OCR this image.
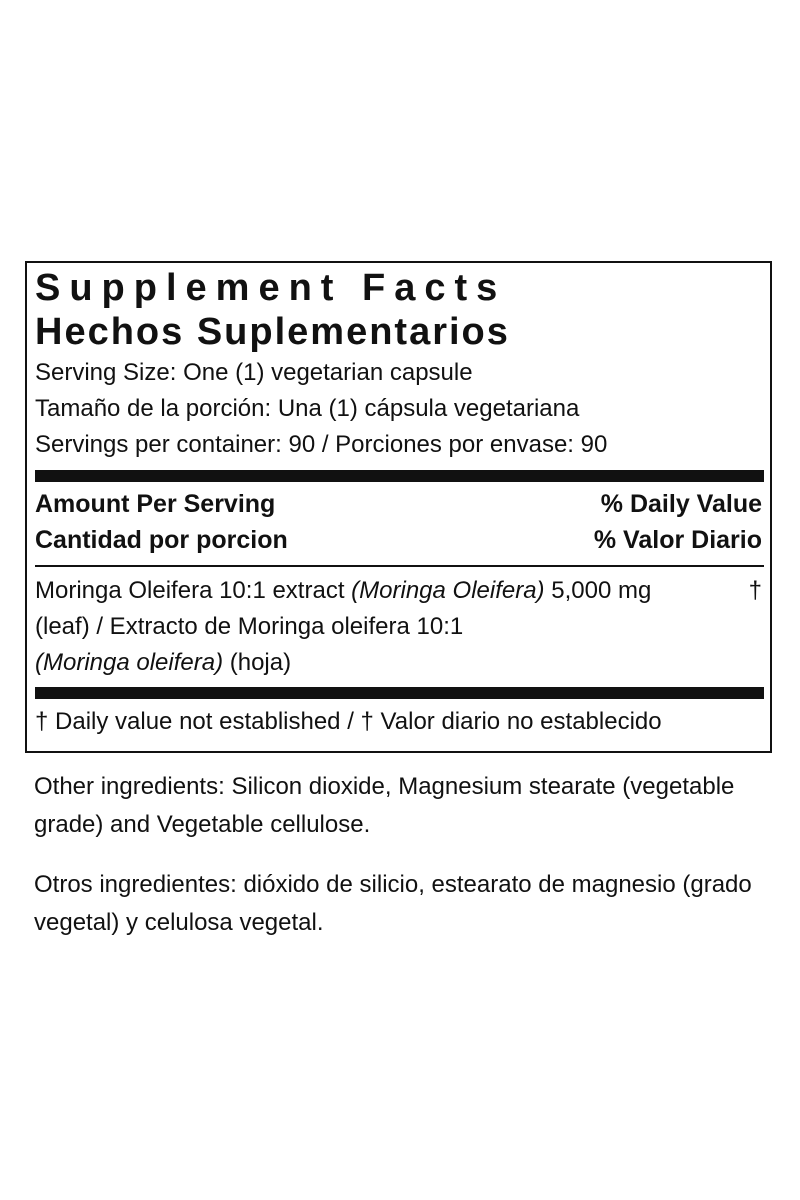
Supplement Facts
Hechos Suplementarios
Serving Size: One (1) vegetarian capsule
Tamaño de la porción: Una (1) cápsula vegetariana
Servings per container: 90 / Porciones por envase: 90
Amount Per Serving	% Daily Value
Cantidad por porcion	% Valor Diario
Moringa Oleifera 10:1 extract (Moringa Oleifera) 5,000 mg	†
(leaf) / Extracto de Moringa oleifera 10:1
(Moringa oleifera) (hoja)
† Daily value not established / † Valor diario no establecido
Other ingredients: Silicon dioxide, Magnesium stearate (vegetable grade) and Vegetable cellulose.
Otros ingredientes: dióxido de silicio, estearato de magnesio (grado vegetal) y celulosa vegetal.
